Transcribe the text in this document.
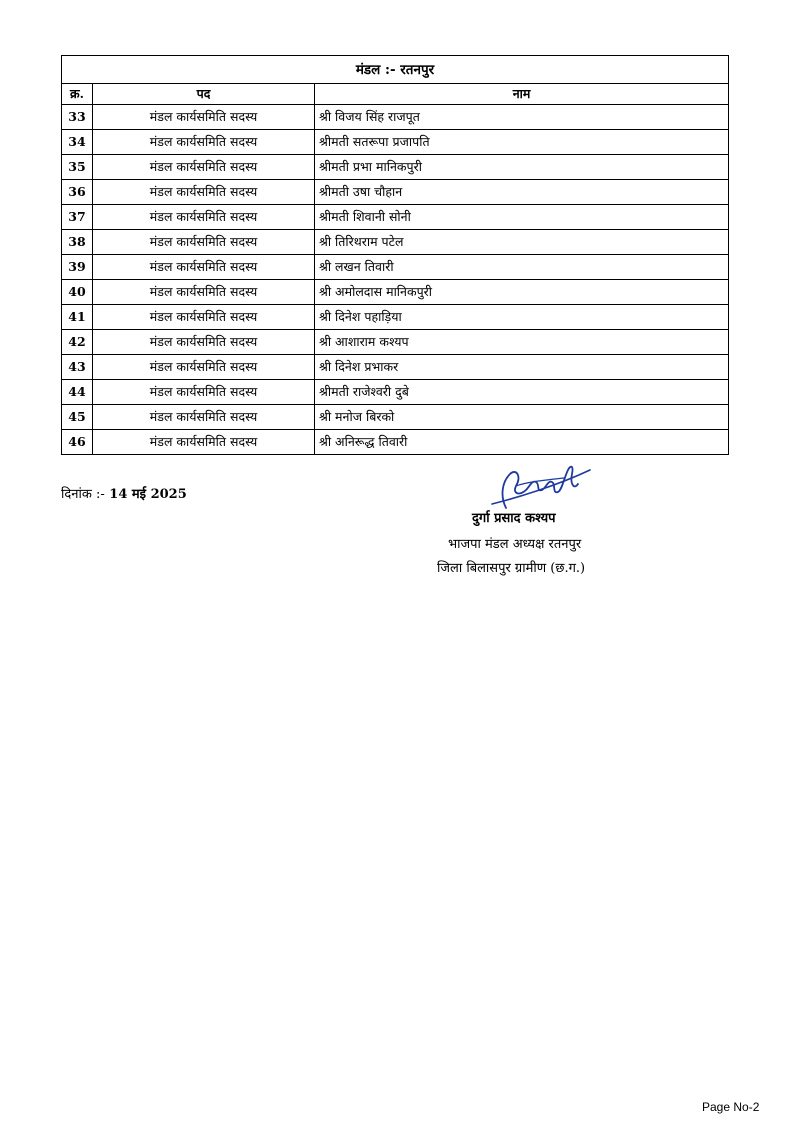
मंडल :- रतनपुर		
क्र.	पद	नाम
33	मंडल कार्यसमिति सदस्य	श्री विजय सिंह राजपूत
34	मंडल कार्यसमिति सदस्य	श्रीमती सतरूपा प्रजापति
35	मंडल कार्यसमिति सदस्य	श्रीमती प्रभा मानिकपुरी
36	मंडल कार्यसमिति सदस्य	श्रीमती उषा चौहान
37	मंडल कार्यसमिति सदस्य	श्रीमती शिवानी सोनी
38	मंडल कार्यसमिति सदस्य	श्री तिरिथराम पटेल
39	मंडल कार्यसमिति सदस्य	श्री लखन तिवारी
40	मंडल कार्यसमिति सदस्य	श्री अमोलदास मानिकपुरी
41	मंडल कार्यसमिति सदस्य	श्री दिनेश पहाड़िया
42	मंडल कार्यसमिति सदस्य	श्री आशाराम कश्यप
43	मंडल कार्यसमिति सदस्य	श्री दिनेश प्रभाकर
44	मंडल कार्यसमिति सदस्य	श्रीमती राजेश्वरी दुबे
45	मंडल कार्यसमिति सदस्य	श्री मनोज बिरको
46	मंडल कार्यसमिति सदस्य	श्री अनिरूद्ध तिवारी
दिनांक :- 14 मई 2025
दुर्गा प्रसाद कश्यप
भाजपा मंडल अध्यक्ष रतनपुर
जिला बिलासपुर ग्रामीण (छ.ग.)
Page No-2
